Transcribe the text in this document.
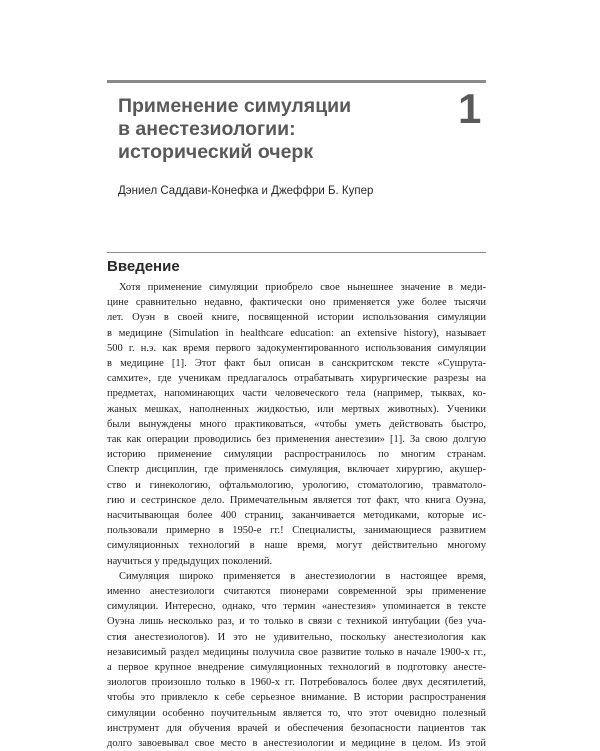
Применение симуляции
в анестезиологии:
исторический очерк
1
Дэниел Саддави-Конефка и Джеффри Б. Купер
Введение
Хотя применение симуляции приобрело свое нынешнее значение в меди-
цине сравнительно недавно, фактически оно применяется уже более тысячи
лет. Оуэн в своей книге, посвященной истории использования симуляции
в медицине (Simulation in healthcare education: an extensive history), называет
500 г. н.э. как время первого задокументированного использования симуляции
в медицине [1]. Этот факт был описан в санскритском тексте «Сушрута-
самхите», где ученикам предлагалось отрабатывать хирургические разрезы на
предметах, напоминающих части человеческого тела (например, тыквах, ко-
жаных мешках, наполненных жидкостью, или мертвых животных). Ученики
были вынуждены много практиковаться, «чтобы уметь действовать быстро,
так как операции проводились без применения анестезии» [1]. За свою долгую
историю применение симуляции распространилось по многим странам.
Спектр дисциплин, где применялось симуляция, включает хирургию, акушер-
ство и гинекологию, офтальмологию, урологию, стоматологию, травматоло-
гию и сестринское дело. Примечательным является тот факт, что книга Оуэна,
насчитывающая более 400 страниц, заканчивается методиками, которые ис-
пользовали примерно в 1950-е гг.! Специалисты, занимающиеся развитием
симуляционных технологий в наше время, могут действительно многому
научиться у предыдущих поколений.
Симуляция широко применяется в анестезиологии в настоящее время,
именно анестезиологи считаются пионерами современной эры применение
симуляции. Интересно, однако, что термин «анестезия» упоминается в тексте
Оуэна лишь несколько раз, и то только в связи с техникой интубации (без уча-
стия анестезиологов). И это не удивительно, поскольку анестезиология как
независимый раздел медицины получила свое развитие только в начале 1900-х гг.,
а первое крупное внедрение симуляционных технологий в подготовку анесте-
зиологов произошло только в 1960-х гг. Потребовалось более двух десятилетий,
чтобы это привлекло к себе серьезное внимание. В истории распространения
симуляции особенно поучительным является то, что этот очевидно полезный
инструмент для обучения врачей и обеспечения безопасности пациентов так
долго завоевывал свое место в анестезиологии и медицине в целом. Из этой
